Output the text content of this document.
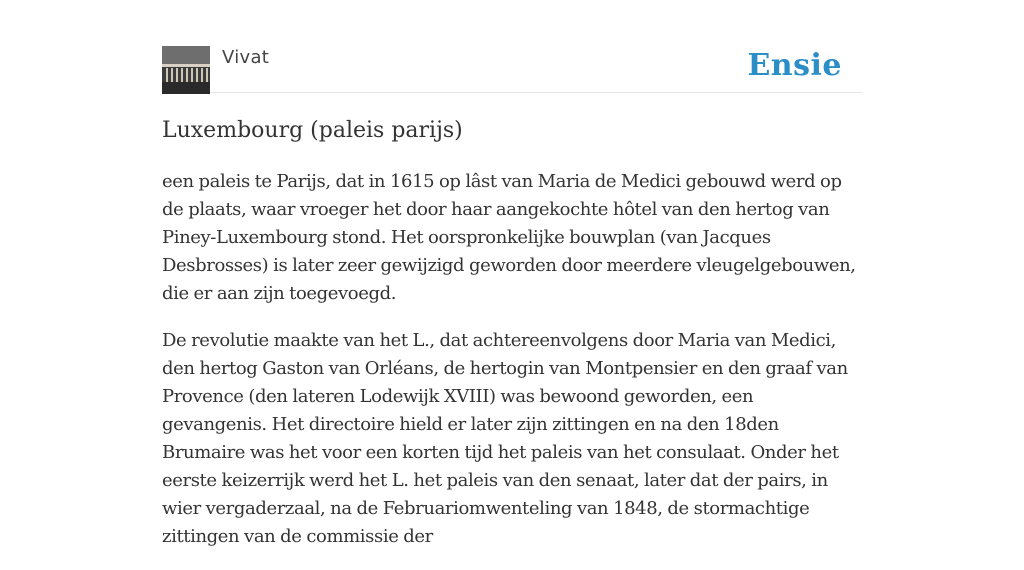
Vivat	Ensie
Luxembourg (paleis parijs)

een paleis te Parijs, dat in 1615 op lâst van Maria de Medici gebouwd werd op de plaats, waar vroeger het door haar aangekochte hôtel van den hertog van Piney-Luxembourg stond. Het oorspronkelijke bouwplan (van Jacques Desbrosses) is later zeer gewijzigd geworden door meerdere vleugelgebouwen, die er aan zijn toegevoegd.

De revolutie maakte van het L., dat achtereenvolgens door Maria van Medici, den hertog Gaston van Orléans, de hertogin van Montpensier en den graaf van Provence (den lateren Lodewijk XVIII) was bewoond geworden, een gevangenis. Het directoire hield er later zijn zittingen en na den 18den Brumaire was het voor een korten tijd het paleis van het consulaat. Onder het eerste keizerrijk werd het L. het paleis van den senaat, later dat der pairs, in wier vergaderzaal, na de Februariomwenteling van 1848, de stormachtige zittingen van de commissie der
